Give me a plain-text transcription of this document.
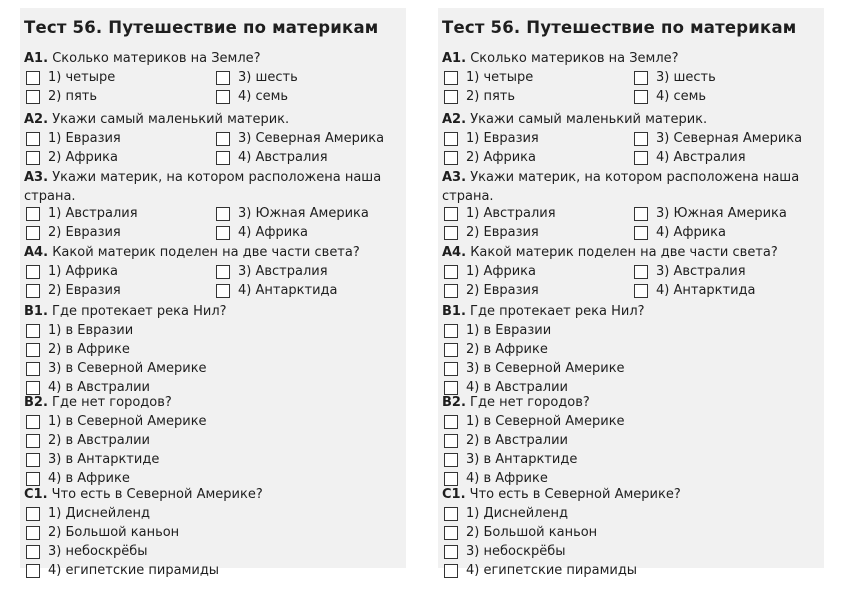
Тест 56. Путешествие по материкам
A1. Сколько материков на Земле?
1) четыре	3) шесть
2) пять	4) семь
A2. Укажи самый маленький материк.
1) Евразия	3) Северная Америка
2) Африка	4) Австралия
A3. Укажи материк, на котором расположена наша страна.
1) Австралия	3) Южная Америка
2) Евразия	4) Африка
A4. Какой материк поделен на две части света?
1) Африка	3) Австралия
2) Евразия	4) Антарктида
B1. Где протекает река Нил?
1) в Евразии
2) в Африке
3) в Северной Америке
4) в Австралии
B2. Где нет городов?
1) в Северной Америке
2) в Австралии
3) в Антарктиде
4) в Африке
C1. Что есть в Северной Америке?
1) Диснейленд
2) Большой каньон
3) небоскрёбы
4) египетские пирамиды
Тест 56. Путешествие по материкам
A1. Сколько материков на Земле?
1) четыре	3) шесть
2) пять	4) семь
A2. Укажи самый маленький материк.
1) Евразия	3) Северная Америка
2) Африка	4) Австралия
A3. Укажи материк, на котором расположена наша страна.
1) Австралия	3) Южная Америка
2) Евразия	4) Африка
A4. Какой материк поделен на две части света?
1) Африка	3) Австралия
2) Евразия	4) Антарктида
B1. Где протекает река Нил?
1) в Евразии
2) в Африке
3) в Северной Америке
4) в Австралии
B2. Где нет городов?
1) в Северной Америке
2) в Австралии
3) в Антарктиде
4) в Африке
C1. Что есть в Северной Америке?
1) Диснейленд
2) Большой каньон
3) небоскрёбы
4) египетские пирамиды
